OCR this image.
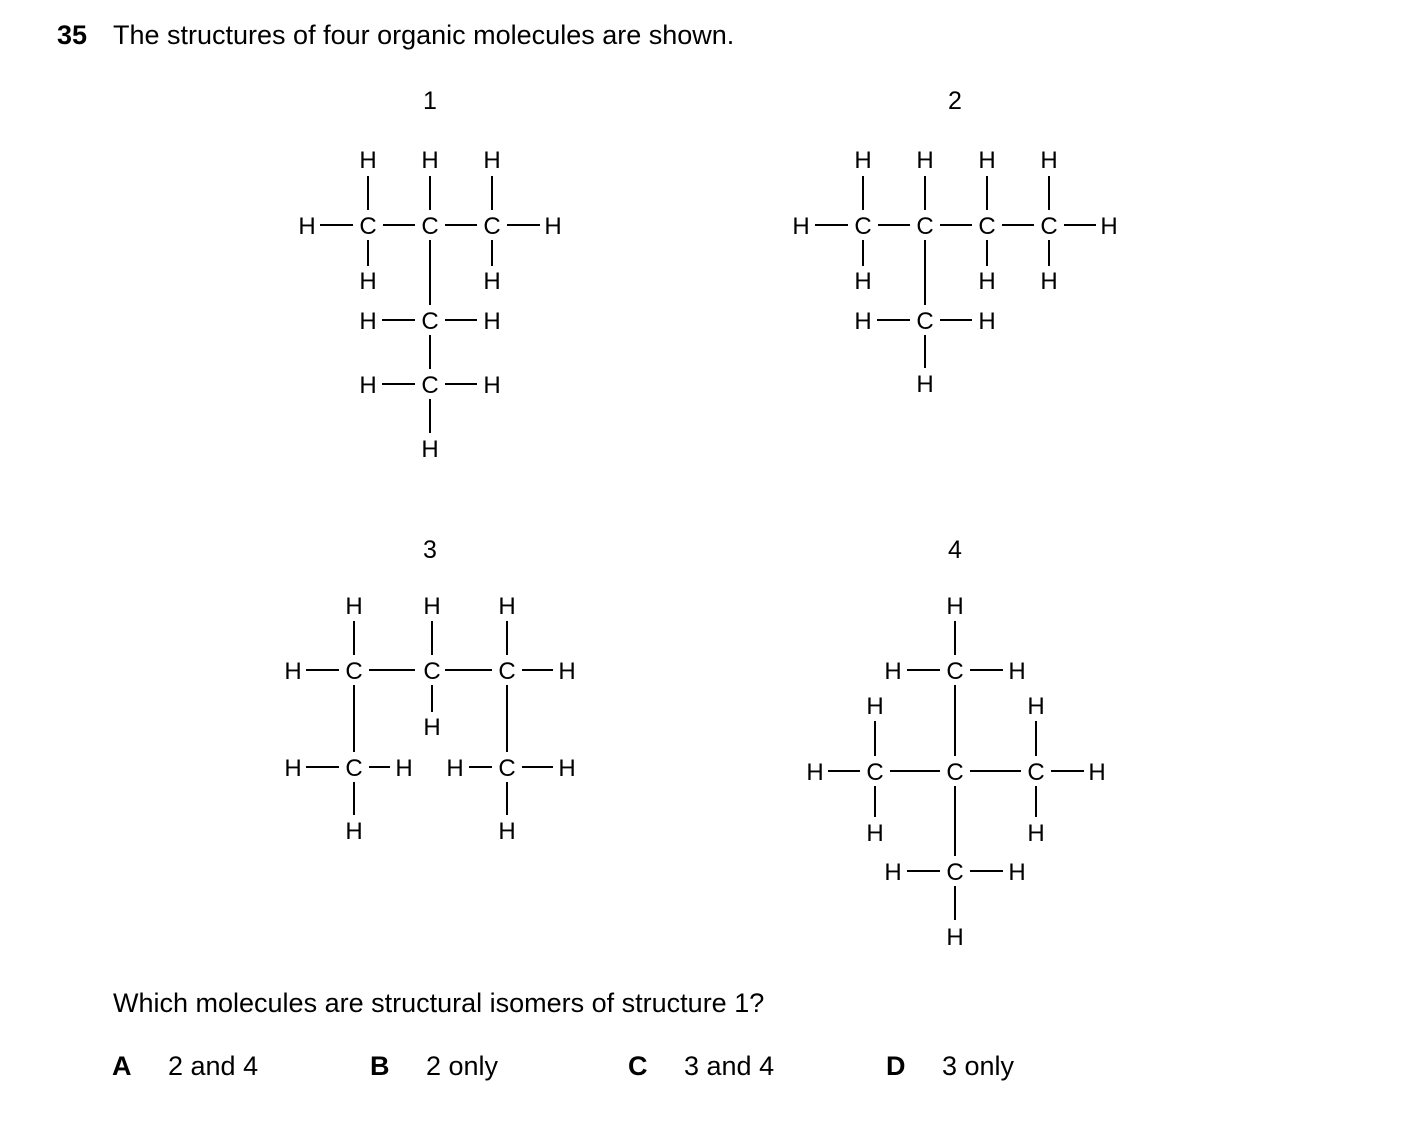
35 The structures of four organic molecules are shown.
1
H H H
H C C C H
H	H
H C H
H C H
H
2
H H H H
H C C C C H
H	H H
H C H
H
3
H	H H
H C	C C H
H
H C H H C H
H	H
4
H
H C H
H	H
H C	C	C H
H	H
H C H
H
Which molecules are structural isomers of structure 1?
A 2 and 4	B 2 only	C 3 and 4	D 3 only
